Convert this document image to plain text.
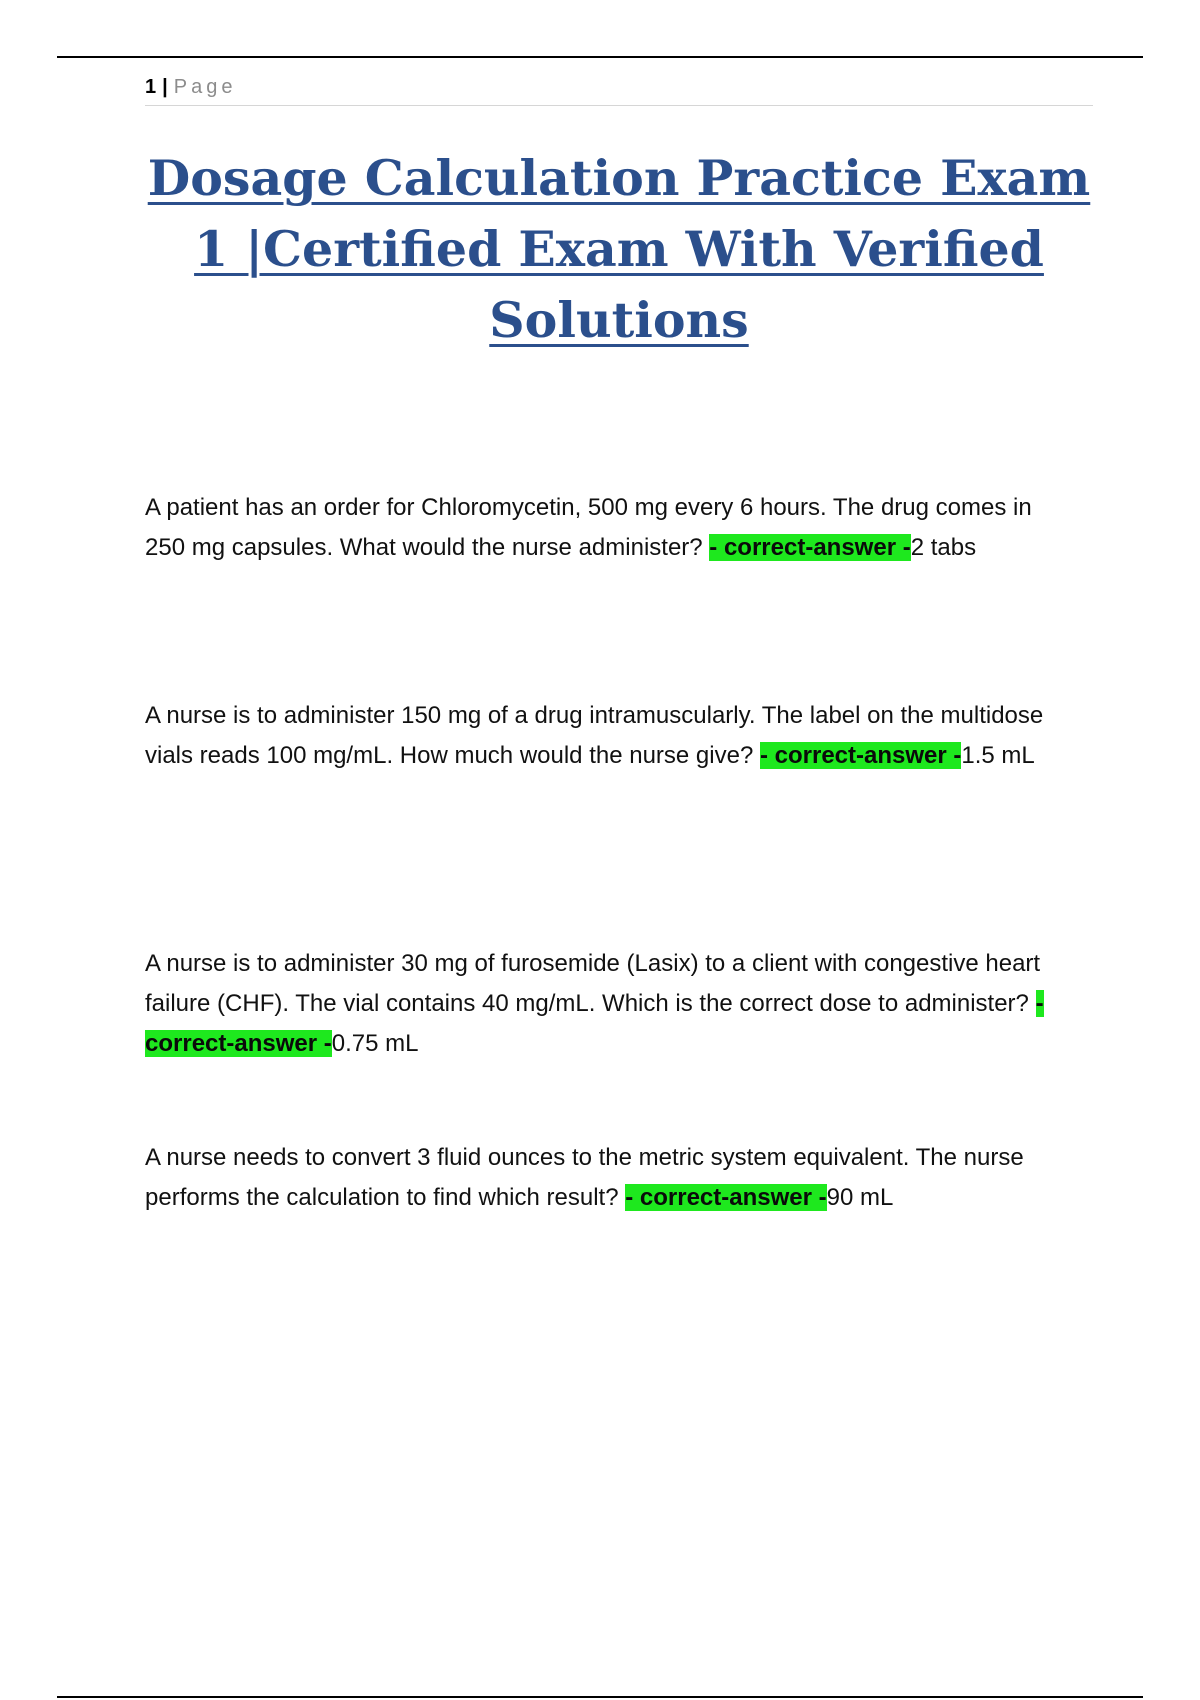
1 | Page
Dosage Calculation Practice Exam 1 |Certified Exam With Verified Solutions

A patient has an order for Chloromycetin, 500 mg every 6 hours. The drug comes in 250 mg capsules. What would the nurse administer? - correct-answer -2 tabs

A nurse is to administer 150 mg of a drug intramuscularly. The label on the multidose vials reads 100 mg/mL. How much would the nurse give? - correct-answer -1.5 mL

A nurse is to administer 30 mg of furosemide (Lasix) to a client with congestive heart failure (CHF). The vial contains 40 mg/mL. Which is the correct dose to administer? - correct-answer -0.75 mL

A nurse needs to convert 3 fluid ounces to the metric system equivalent. The nurse performs the calculation to find which result? - correct-answer -90 mL
